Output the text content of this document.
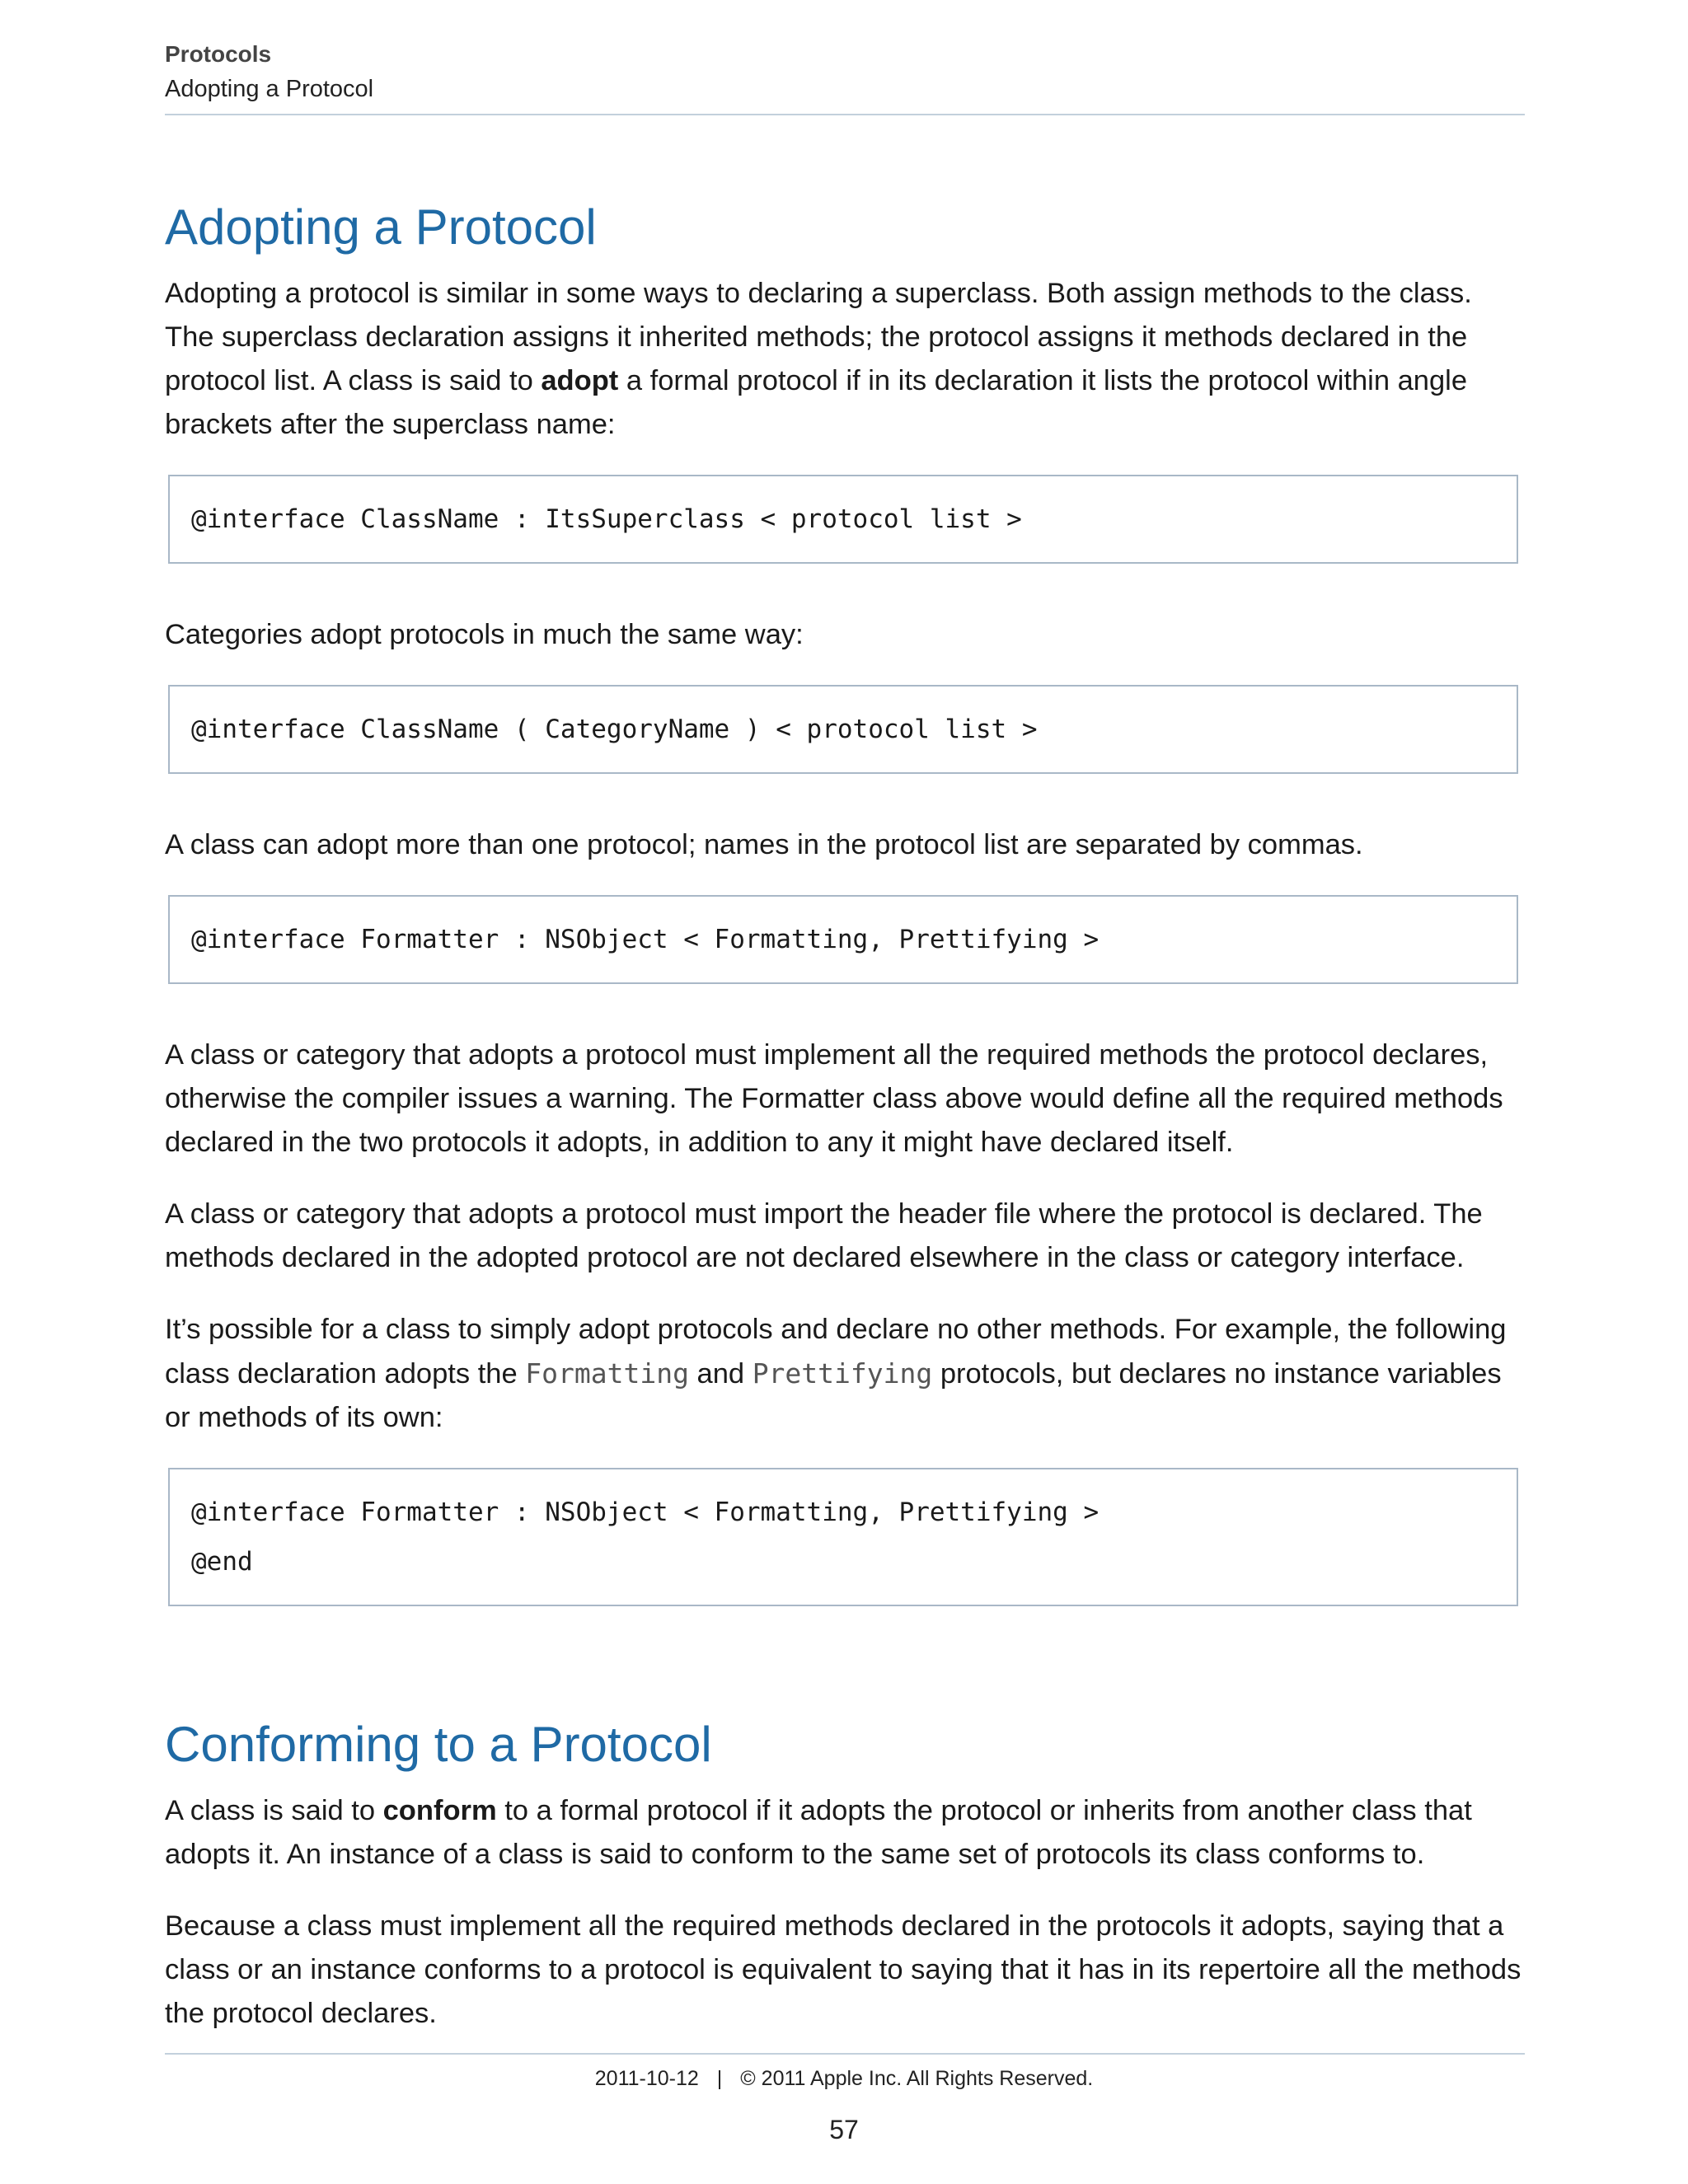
Protocols
Adopting a Protocol
Adopting a Protocol

Adopting a protocol is similar in some ways to declaring a superclass. Both assign methods to the class. The superclass declaration assigns it inherited methods; the protocol assigns it methods declared in the protocol list. A class is said to adopt a formal protocol if in its declaration it lists the protocol within angle brackets after the superclass name:

@interface ClassName : ItsSuperclass < protocol list >

Categories adopt protocols in much the same way:

@interface ClassName ( CategoryName ) < protocol list >

A class can adopt more than one protocol; names in the protocol list are separated by commas.

@interface Formatter : NSObject < Formatting, Prettifying >

A class or category that adopts a protocol must implement all the required methods the protocol declares, otherwise the compiler issues a warning. The Formatter class above would define all the required methods declared in the two protocols it adopts, in addition to any it might have declared itself.

A class or category that adopts a protocol must import the header file where the protocol is declared. The methods declared in the adopted protocol are not declared elsewhere in the class or category interface.

It’s possible for a class to simply adopt protocols and declare no other methods. For example, the following class declaration adopts the Formatting and Prettifying protocols, but declares no instance variables or methods of its own:

@interface Formatter : NSObject < Formatting, Prettifying >
@end
Conforming to a Protocol

A class is said to conform to a formal protocol if it adopts the protocol or inherits from another class that adopts it. An instance of a class is said to conform to the same set of protocols its class conforms to.

Because a class must implement all the required methods declared in the protocols it adopts, saying that a class or an instance conforms to a protocol is equivalent to saying that it has in its repertoire all the methods the protocol declares.

2011-10-12 | © 2011 Apple Inc. All Rights Reserved.
57
